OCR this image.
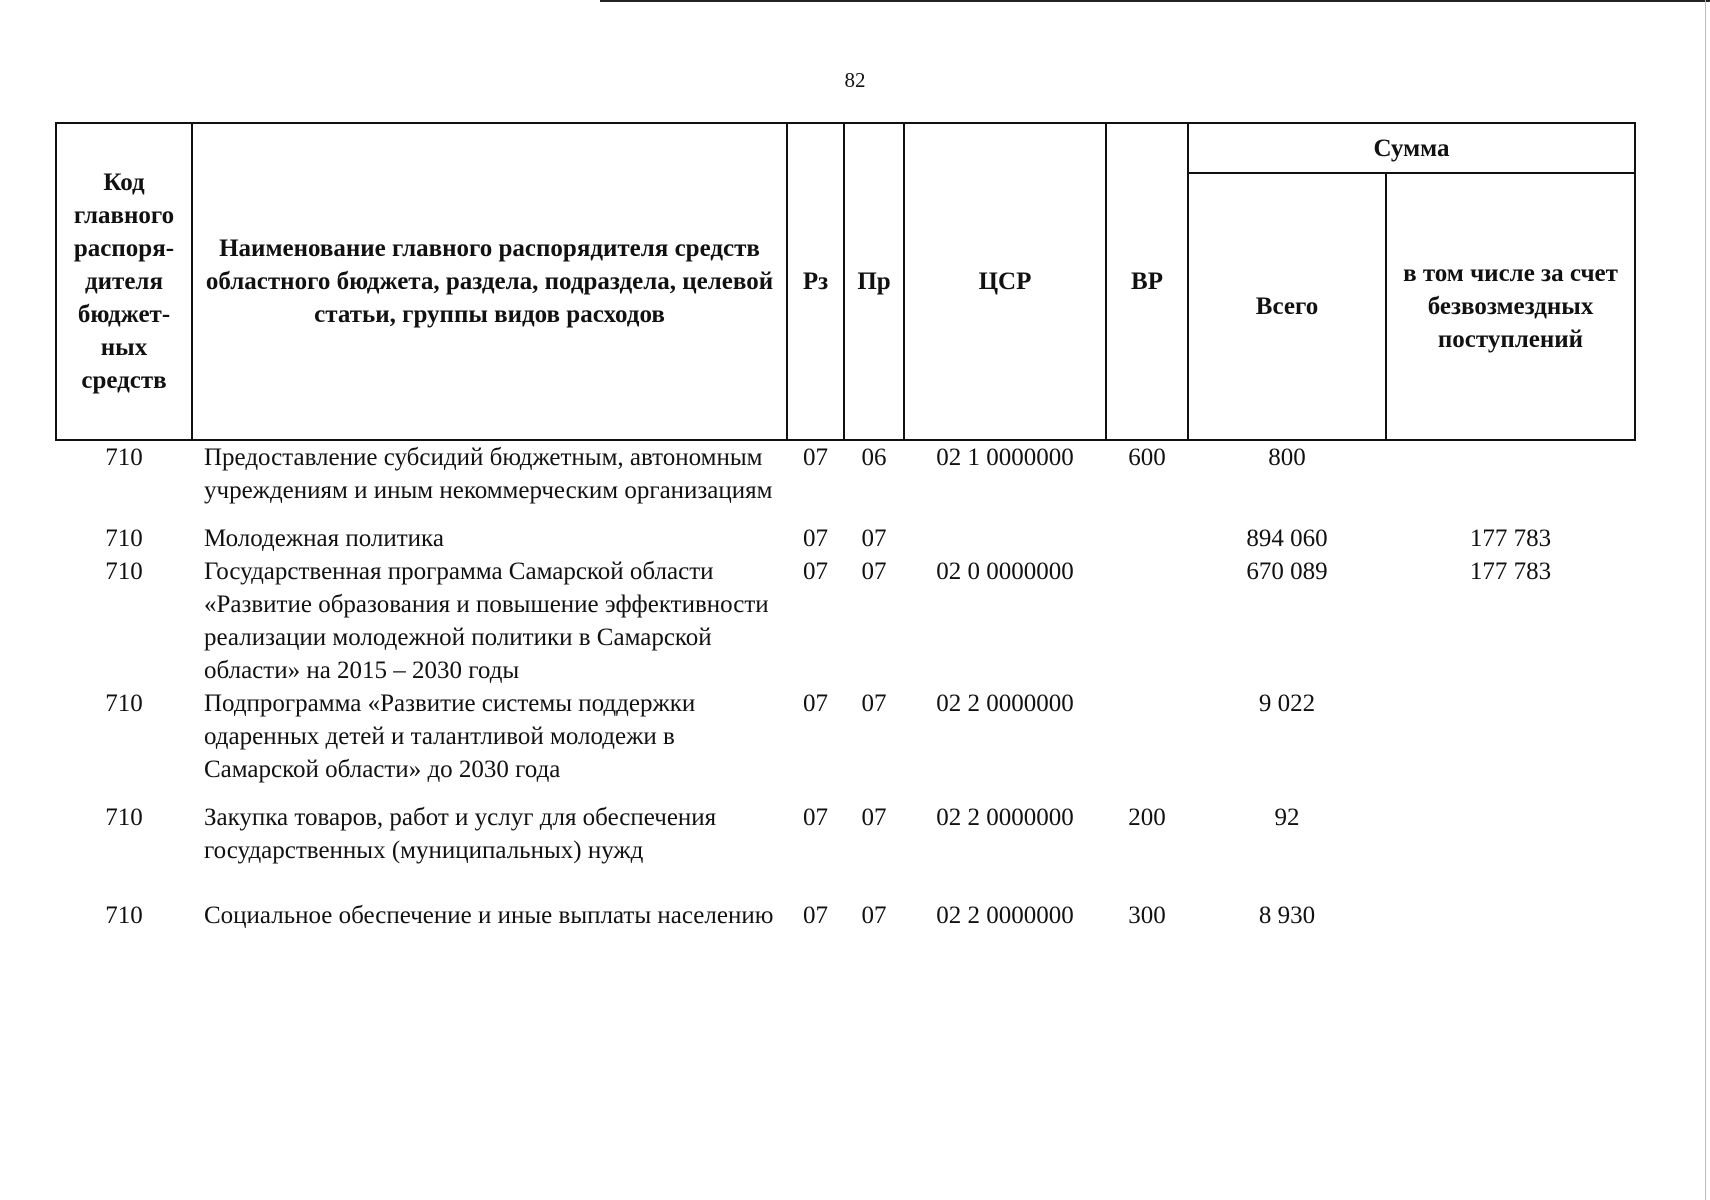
82
Код главного распоря-дителя бюджет-ных средств	Наименование главного распорядителя средств областного бюджета, раздела, подраздела, целевой статьи, группы видов расходов	Рз	Пр	ЦСР	ВР	Сумма	
						Всего	в том числе за счет безвозмездных поступлений
710	Предоставление субсидий бюджетным, автономным учреждениям и иным некоммерческим организациям	07	06	02 1 0000000	600	800	
710	Молодежная политика	07	07			894 060	177 783
710	Государственная программа Самарской области «Развитие образования и повышение эффективности реализации молодежной политики в Самарской области» на 2015 – 2030 годы	07	07	02 0 0000000		670 089	177 783
710	Подпрограмма «Развитие системы поддержки одаренных детей и талантливой молодежи в Самарской области» до 2030 года	07	07	02 2 0000000		9 022	
710	Закупка товаров, работ и услуг для обеспечения государственных (муниципальных) нужд	07	07	02 2 0000000	200	92	
710	Социальное обеспечение и иные выплаты населению	07	07	02 2 0000000	300	8 930	
